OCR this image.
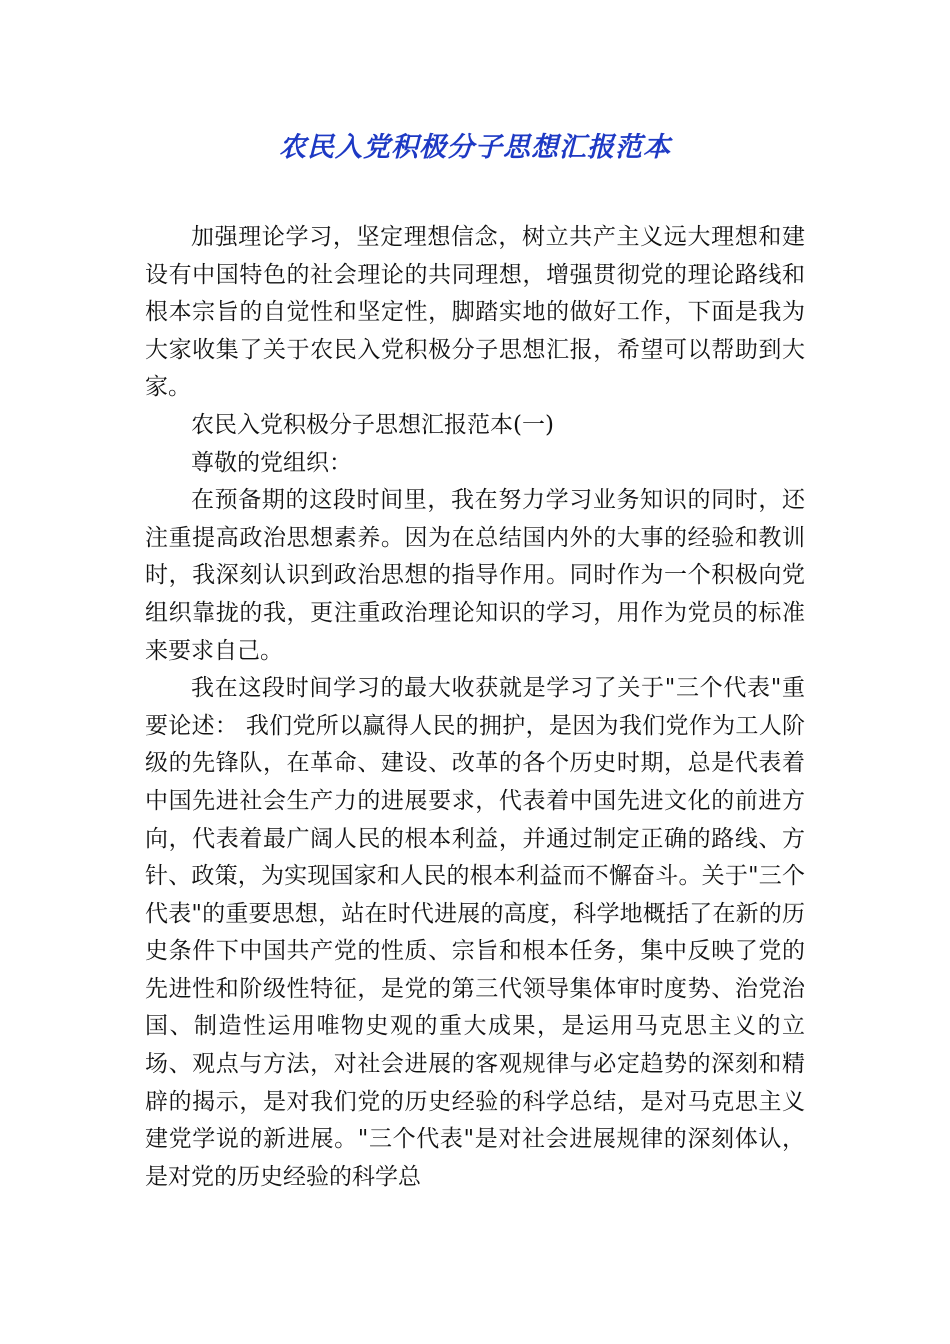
农民入党积极分子思想汇报范本

加强理论学习，坚定理想信念，树立共产主义远大理想和建设有中国特色的社会理论的共同理想，增强贯彻党的理论路线和根本宗旨的自觉性和坚定性，脚踏实地的做好工作，下面是我为大家收集了关于农民入党积极分子思想汇报，希望可以帮助到大家。

农民入党积极分子思想汇报范本(一)

尊敬的党组织：

在预备期的这段时间里，我在努力学习业务知识的同时，还注重提高政治思想素养。因为在总结国内外的大事的经验和教训时，我深刻认识到政治思想的指导作用。同时作为一个积极向党组织靠拢的我，更注重政治理论知识的学习，用作为党员的标准来要求自己。

我在这段时间学习的最大收获就是学习了关于"三个代表"重要论述： 我们党所以赢得人民的拥护，是因为我们党作为工人阶级的先锋队，在革命、建设、改革的各个历史时期，总是代表着中国先进社会生产力的进展要求，代表着中国先进文化的前进方向，代表着最广阔人民的根本利益，并通过制定正确的路线、方针、政策，为实现国家和人民的根本利益而不懈奋斗。关于"三个代表"的重要思想，站在时代进展的高度，科学地概括了在新的历史条件下中国共产党的性质、宗旨和根本任务，集中反映了党的先进性和阶级性特征，是党的第三代领导集体审时度势、治党治国、制造性运用唯物史观的重大成果，是运用马克思主义的立场、观点与方法，对社会进展的客观规律与必定趋势的深刻和精辟的揭示，是对我们党的历史经验的科学总结，是对马克思主义建党学说的新进展。"三个代表"是对社会进展规律的深刻体认，是对党的历史经验的科学总
